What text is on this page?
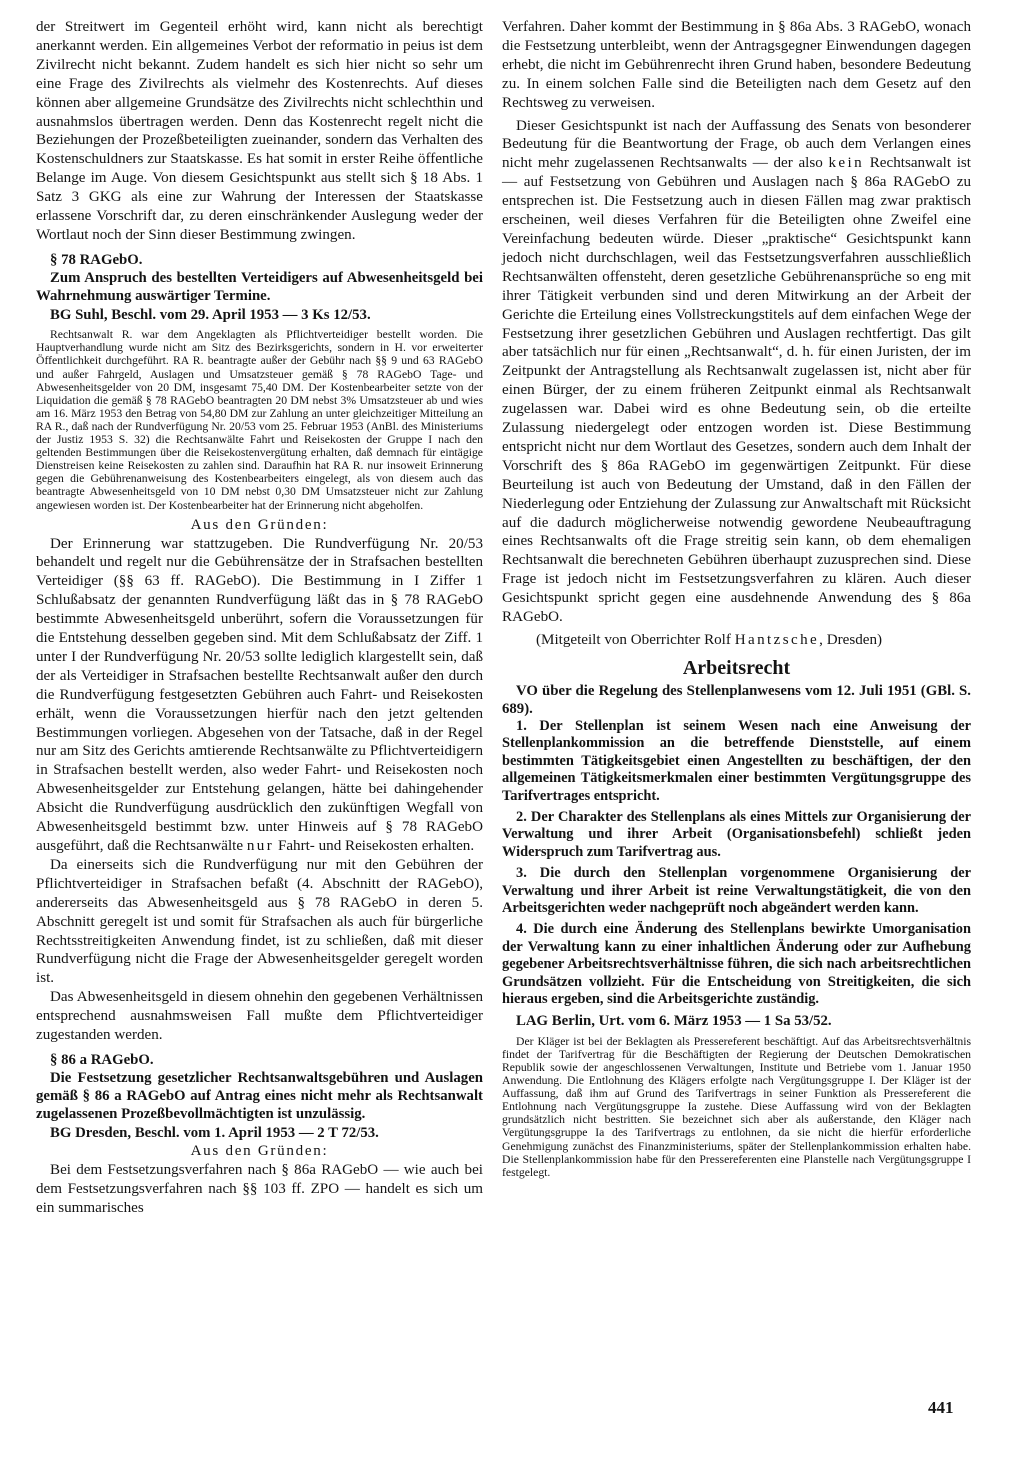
der Streitwert im Gegenteil erhöht wird, kann nicht als berechtigt anerkannt werden. Ein allgemeines Verbot der reformatio in peius ist dem Zivilrecht nicht bekannt. Zudem handelt es sich hier nicht so sehr um eine Frage des Zivilrechts als vielmehr des Kostenrechts. Auf dieses können aber allgemeine Grundsätze des Zivilrechts nicht schlechthin und ausnahmslos übertragen werden. Denn das Kostenrecht regelt nicht die Beziehungen der Prozeßbeteiligten zueinander, sondern das Verhalten des Kostenschuldners zur Staatskasse. Es hat somit in erster Reihe öffentliche Belange im Auge. Von diesem Gesichtspunkt aus stellt sich § 18 Abs. 1 Satz 3 GKG als eine zur Wahrung der Interessen der Staatskasse erlassene Vorschrift dar, zu deren einschränkender Auslegung weder der Wortlaut noch der Sinn dieser Bestimmung zwingen.

§ 78 RAGebO.

Zum Anspruch des bestellten Verteidigers auf Abwesenheitsgeld bei Wahrnehmung auswärtiger Termine.

BG Suhl, Beschl. vom 29. April 1953 — 3 Ks 12/53.

Rechtsanwalt R. war dem Angeklagten als Pflichtverteidiger bestellt worden. Die Hauptverhandlung wurde nicht am Sitz des Bezirksgerichts, sondern in H. vor erweiterter Öffentlichkeit durchgeführt. RA R. beantragte außer der Gebühr nach §§ 9 und 63 RAGebO und außer Fahrgeld, Auslagen und Umsatzsteuer gemäß § 78 RAGebO Tage- und Abwesenheitsgelder von 20 DM, insgesamt 75,40 DM. Der Kostenbearbeiter setzte von der Liquidation die gemäß § 78 RAGebO beantragten 20 DM nebst 3% Umsatzsteuer ab und wies am 16. März 1953 den Betrag von 54,80 DM zur Zahlung an unter gleichzeitiger Mitteilung an RA R., daß nach der Rundverfügung Nr. 20/53 vom 25. Februar 1953 (AnBl. des Ministeriums der Justiz 1953 S. 32) die Rechtsanwälte Fahrt und Reisekosten der Gruppe I nach den geltenden Bestimmungen über die Reisekostenvergütung erhalten, daß demnach für eintägige Dienstreisen keine Reisekosten zu zahlen sind. Daraufhin hat RA R. nur insoweit Erinnerung gegen die Gebührenanweisung des Kostenbearbeiters eingelegt, als von diesem auch das beantragte Abwesenheitsgeld von 10 DM nebst 0,30 DM Umsatzsteuer nicht zur Zahlung angewiesen worden ist. Der Kostenbearbeiter hat der Erinnerung nicht abgeholfen.

Aus den Gründen:

Der Erinnerung war stattzugeben. Die Rundverfügung Nr. 20/53 behandelt und regelt nur die Gebührensätze der in Strafsachen bestellten Verteidiger (§§ 63 ff. RAGebO). Die Bestimmung in I Ziffer 1 Schlußabsatz der genannten Rundverfügung läßt das in § 78 RAGebO bestimmte Abwesenheitsgeld unberührt, sofern die Voraussetzungen für die Entstehung desselben gegeben sind. Mit dem Schlußabsatz der Ziff. 1 unter I der Rundverfügung Nr. 20/53 sollte lediglich klargestellt sein, daß der als Verteidiger in Strafsachen bestellte Rechtsanwalt außer den durch die Rundverfügung festgesetzten Gebühren auch Fahrt- und Reisekosten erhält, wenn die Voraussetzungen hierfür nach den jetzt geltenden Bestimmungen vorliegen. Abgesehen von der Tatsache, daß in der Regel nur am Sitz des Gerichts amtierende Rechtsanwälte zu Pflichtverteidigern in Strafsachen bestellt werden, also weder Fahrt- und Reisekosten noch Abwesenheitsgelder zur Entstehung gelangen, hätte bei dahingehender Absicht die Rundverfügung ausdrücklich den zukünftigen Wegfall von Abwesenheitsgeld bestimmt bzw. unter Hinweis auf § 78 RAGebO ausgeführt, daß die Rechtsanwälte nur Fahrt- und Reisekosten erhalten.

Da einerseits sich die Rundverfügung nur mit den Gebühren der Pflichtverteidiger in Strafsachen befaßt (4. Abschnitt der RAGebO), andererseits das Abwesenheitsgeld aus § 78 RAGebO in deren 5. Abschnitt geregelt ist und somit für Strafsachen als auch für bürgerliche Rechtsstreitigkeiten Anwendung findet, ist zu schließen, daß mit dieser Rundverfügung nicht die Frage der Abwesenheitsgelder geregelt worden ist.

Das Abwesenheitsgeld in diesem ohnehin den gegebenen Verhältnissen entsprechend ausnahmsweisen Fall mußte dem Pflichtverteidiger zugestanden werden.

§ 86 a RAGebO.

Die Festsetzung gesetzlicher Rechtsanwaltsgebühren und Auslagen gemäß § 86 a RAGebO auf Antrag eines nicht mehr als Rechtsanwalt zugelassenen Prozeßbevollmächtigten ist unzulässig.

BG Dresden, Beschl. vom 1. April 1953 — 2 T 72/53.

Aus den Gründen:

Bei dem Festsetzungsverfahren nach § 86a RAGebO — wie auch bei dem Festsetzungsverfahren nach §§ 103 ff. ZPO — handelt es sich um ein summarisches

Verfahren. Daher kommt der Bestimmung in § 86a Abs. 3 RAGebO, wonach die Festsetzung unterbleibt, wenn der Antragsgegner Einwendungen dagegen erhebt, die nicht im Gebührenrecht ihren Grund haben, besondere Bedeutung zu. In einem solchen Falle sind die Beteiligten nach dem Gesetz auf den Rechtsweg zu verweisen.

Dieser Gesichtspunkt ist nach der Auffassung des Senats von besonderer Bedeutung für die Beantwortung der Frage, ob auch dem Verlangen eines nicht mehr zugelassenen Rechtsanwalts — der also kein Rechtsanwalt ist — auf Festsetzung von Gebühren und Auslagen nach § 86a RAGebO zu entsprechen ist. Die Festsetzung auch in diesen Fällen mag zwar praktisch erscheinen, weil dieses Verfahren für die Beteiligten ohne Zweifel eine Vereinfachung bedeuten würde. Dieser „praktische“ Gesichtspunkt kann jedoch nicht durchschlagen, weil das Festsetzungsverfahren ausschließlich Rechtsanwälten offensteht, deren gesetzliche Gebührenansprüche so eng mit ihrer Tätigkeit verbunden sind und deren Mitwirkung an der Arbeit der Gerichte die Erteilung eines Vollstreckungstitels auf dem einfachen Wege der Festsetzung ihrer gesetzlichen Gebühren und Auslagen rechtfertigt. Das gilt aber tatsächlich nur für einen „Rechtsanwalt“, d. h. für einen Juristen, der im Zeitpunkt der Antragstellung als Rechtsanwalt zugelassen ist, nicht aber für einen Bürger, der zu einem früheren Zeitpunkt einmal als Rechtsanwalt zugelassen war. Dabei wird es ohne Bedeutung sein, ob die erteilte Zulassung niedergelegt oder entzogen worden ist. Diese Bestimmung entspricht nicht nur dem Wortlaut des Gesetzes, sondern auch dem Inhalt der Vorschrift des § 86a RAGebO im gegenwärtigen Zeitpunkt. Für diese Beurteilung ist auch von Bedeutung der Umstand, daß in den Fällen der Niederlegung oder Entziehung der Zulassung zur Anwaltschaft mit Rücksicht auf die dadurch möglicherweise notwendig gewordene Neubeauftragung eines Rechtsanwalts oft die Frage streitig sein kann, ob dem ehemaligen Rechtsanwalt die berechneten Gebühren überhaupt zuzusprechen sind. Diese Frage ist jedoch nicht im Festsetzungsverfahren zu klären. Auch dieser Gesichtspunkt spricht gegen eine ausdehnende Anwendung des § 86a RAGebO.

(Mitgeteilt von Oberrichter Rolf Hantzsche, Dresden)

Arbeitsrecht

VO über die Regelung des Stellenplanwesens vom 12. Juli 1951 (GBl. S. 689).

1. Der Stellenplan ist seinem Wesen nach eine Anweisung der Stellenplankommission an die betreffende Dienststelle, auf einem bestimmten Tätigkeitsgebiet einen Angestellten zu beschäftigen, der den allgemeinen Tätigkeitsmerkmalen einer bestimmten Vergütungsgruppe des Tarifvertrages entspricht.

2. Der Charakter des Stellenplans als eines Mittels zur Organisierung der Verwaltung und ihrer Arbeit (Organisationsbefehl) schließt jeden Widerspruch zum Tarifvertrag aus.

3. Die durch den Stellenplan vorgenommene Organisierung der Verwaltung und ihrer Arbeit ist reine Verwaltungstätigkeit, die von den Arbeitsgerichten weder nachgeprüft noch abgeändert werden kann.

4. Die durch eine Änderung des Stellenplans bewirkte Umorganisation der Verwaltung kann zu einer inhaltlichen Änderung oder zur Aufhebung gegebener Arbeitsrechtsverhältnisse führen, die sich nach arbeitsrechtlichen Grundsätzen vollzieht. Für die Entscheidung von Streitigkeiten, die sich hieraus ergeben, sind die Arbeitsgerichte zuständig.

LAG Berlin, Urt. vom 6. März 1953 — 1 Sa 53/52.

Der Kläger ist bei der Beklagten als Pressereferent beschäftigt. Auf das Arbeitsrechtsverhältnis findet der Tarifvertrag für die Beschäftigten der Regierung der Deutschen Demokratischen Republik sowie der angeschlossenen Verwaltungen, Institute und Betriebe vom 1. Januar 1950 Anwendung. Die Entlohnung des Klägers erfolgte nach Vergütungsgruppe I. Der Kläger ist der Auffassung, daß ihm auf Grund des Tarifvertrags in seiner Funktion als Pressereferent die Entlohnung nach Vergütungsgruppe Ia zustehe. Diese Auffassung wird von der Beklagten grundsätzlich nicht bestritten. Sie bezeichnet sich aber als außerstande, den Kläger nach Vergütungsgruppe Ia des Tarifvertrags zu entlohnen, da sie nicht die hierfür erforderliche Genehmigung zunächst des Finanzministeriums, später der Stellenplankommission erhalten habe. Die Stellenplankommission habe für den Pressereferenten eine Planstelle nach Vergütungsgruppe I festgelegt.

441
